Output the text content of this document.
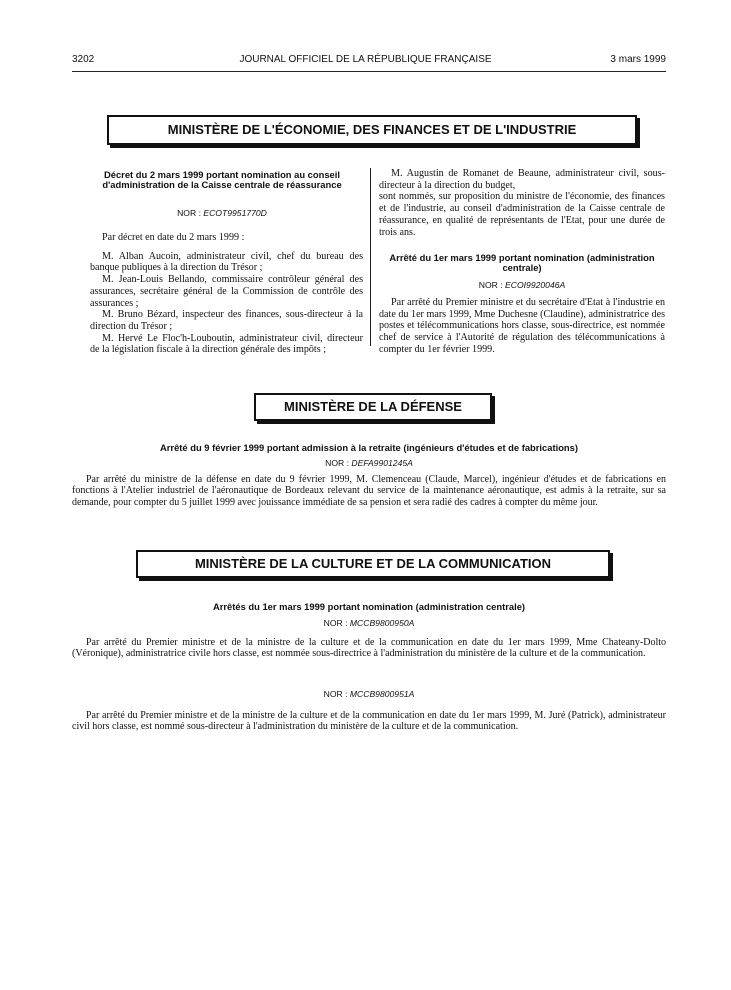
3202	JOURNAL OFFICIEL DE LA RÉPUBLIQUE FRANÇAISE	3 mars 1999
MINISTÈRE DE L'ÉCONOMIE, DES FINANCES ET DE L'INDUSTRIE
Décret du 2 mars 1999 portant nomination au conseil d'administration de la Caisse centrale de réassurance
NOR : ECOT9951770D

Par décret en date du 2 mars 1999 :

M. Alban Aucoin, administrateur civil, chef du bureau des banque publiques à la direction du Trésor ;

M. Jean-Louis Bellando, commissaire contrôleur général des assurances, secrétaire général de la Commission de contrôle des assurances ;

M. Bruno Bézard, inspecteur des finances, sous-directeur à la direction du Trésor ;

M. Hervé Le Floc'h-Louboutin, administrateur civil, directeur de la législation fiscale à la direction générale des impôts ;

M. Augustin de Romanet de Beaune, administrateur civil, sous-directeur à la direction du budget,

sont nommés, sur proposition du ministre de l'économie, des finances et de l'industrie, au conseil d'administration de la Caisse centrale de réassurance, en qualité de représentants de l'Etat, pour une durée de trois ans.

Arrêté du 1er mars 1999 portant nomination (administration centrale)
NOR : ECOI9920046A

Par arrêté du Premier ministre et du secrétaire d'Etat à l'industrie en date du 1er mars 1999, Mme Duchesne (Claudine), administratrice des postes et télécommunications hors classe, sous-directrice, est nommée chef de service à l'Autorité de régulation des télécommunications à compter du 1er février 1999.

MINISTÈRE DE LA DÉFENSE
Arrêté du 9 février 1999 portant admission à la retraite (ingénieurs d'études et de fabrications)
NOR : DEFA9901245A

Par arrêté du ministre de la défense en date du 9 février 1999, M. Clemenceau (Claude, Marcel), ingénieur d'études et de fabrications en fonctions à l'Atelier industriel de l'aéronautique de Bordeaux relevant du service de la maintenance aéronautique, est admis à la retraite, sur sa demande, pour compter du 5 juillet 1999 avec jouissance immédiate de sa pension et sera radié des cadres à compter du même jour.

MINISTÈRE DE LA CULTURE ET DE LA COMMUNICATION
Arrêtés du 1er mars 1999 portant nomination (administration centrale)
NOR : MCCB9800950A

Par arrêté du Premier ministre et de la ministre de la culture et de la communication en date du 1er mars 1999, Mme Chateany-Dolto (Véronique), administratrice civile hors classe, est nommée sous-directrice à l'administration du ministère de la culture et de la communication.

NOR : MCCB9800951A

Par arrêté du Premier ministre et de la ministre de la culture et de la communication en date du 1er mars 1999, M. Juré (Patrick), administrateur civil hors classe, est nommé sous-directeur à l'administration du ministère de la culture et de la communication.
